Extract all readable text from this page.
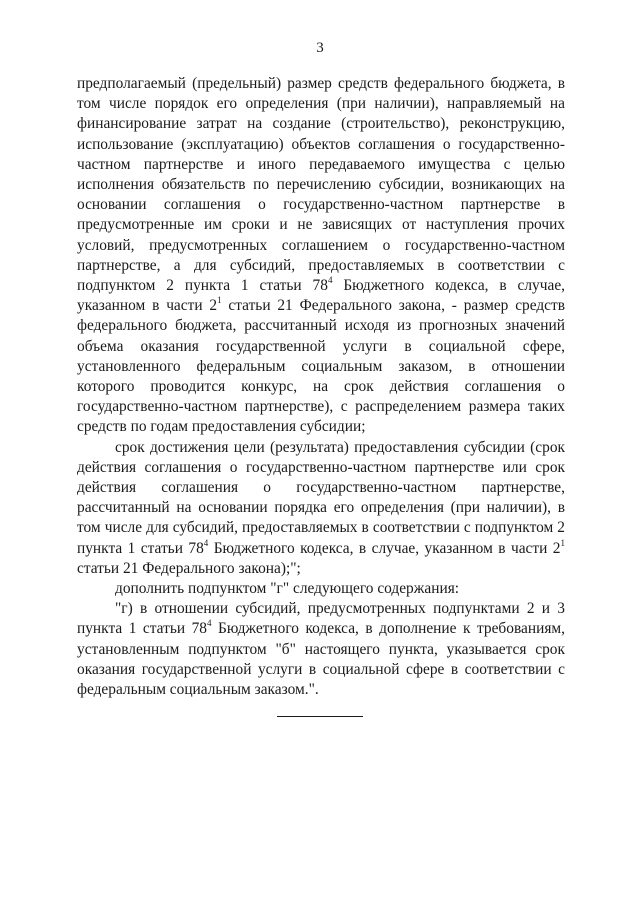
3

предполагаемый (предельный) размер средств федерального бюджета, в том числе порядок его определения (при наличии), направляемый на финансирование затрат на создание (строительство), реконструкцию, использование (эксплуатацию) объектов соглашения о государственно-частном партнерстве и иного передаваемого имущества с целью исполнения обязательств по перечислению субсидии, возникающих на основании соглашения о государственно-частном партнерстве в предусмотренные им сроки и не зависящих от наступления прочих условий, предусмотренных соглашением о государственно-частном партнерстве, а для субсидий, предоставляемых в соответствии с подпунктом 2 пункта 1 статьи $78^4$ Бюджетного кодекса, в случае, указанном в части $2^1$ статьи 21 Федерального закона, - размер средств федерального бюджета, рассчитанный исходя из прогнозных значений объема оказания государственной услуги в социальной сфере, установленного федеральным социальным заказом, в отношении которого проводится конкурс, на срок действия соглашения о государственно-частном партнерстве), с распределением размера таких средств по годам предоставления субсидии;

срок достижения цели (результата) предоставления субсидии (срок действия соглашения о государственно-частном партнерстве или срок действия соглашения о государственно-частном партнерстве, рассчитанный на основании порядка его определения (при наличии), в том числе для субсидий, предоставляемых в соответствии с подпунктом 2 пункта 1 статьи $78^4$ Бюджетного кодекса, в случае, указанном в части $2^1$ статьи 21 Федерального закона);";

дополнить подпунктом "г" следующего содержания:

"г) в отношении субсидий, предусмотренных подпунктами 2 и 3 пункта 1 статьи $78^4$ Бюджетного кодекса, в дополнение к требованиям, установленным подпунктом "б" настоящего пункта, указывается срок оказания государственной услуги в социальной сфере в соответствии с федеральным социальным заказом.".
